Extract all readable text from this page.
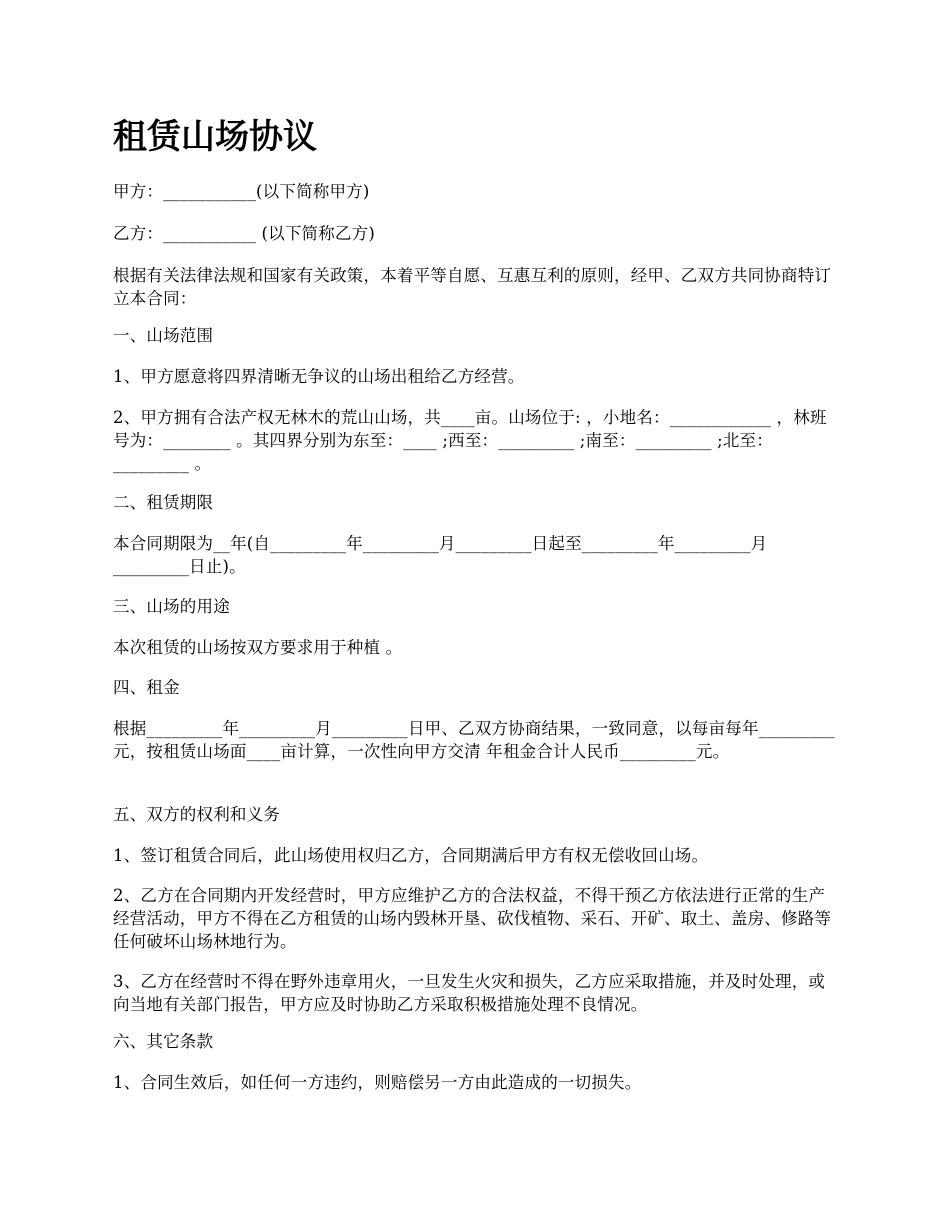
租赁山场协议

甲方：___________(以下简称甲方)

乙方：___________ (以下简称乙方)

根据有关法律法规和国家有关政策，本着平等自愿、互惠互利的原则，经甲、乙双方共同协商特订立本合同：

一、山场范围

1、甲方愿意将四界清晰无争议的山场出租给乙方经营。

2、甲方拥有合法产权无林木的荒山山场，共____亩。山场位于: ，小地名：____________ ，林班号为：________ 。其四界分别为东至：____ ;西至：_________ ;南至：_________ ;北至：_________ 。

二、租赁期限

本合同期限为__年(自_________年_________月_________日起至_________年_________月_________日止)。

三、山场的用途

本次租赁的山场按双方要求用于种植 。

四、租金

根据_________年_________月_________日甲、乙双方协商结果，一致同意，以每亩每年_________元，按租赁山场面____亩计算，一次性向甲方交清 年租金合计人民币_________元。

五、双方的权利和义务

1、签订租赁合同后，此山场使用权归乙方，合同期满后甲方有权无偿收回山场。

2、乙方在合同期内开发经营时，甲方应维护乙方的合法权益，不得干预乙方依法进行正常的生产经营活动，甲方不得在乙方租赁的山场内毁林开垦、砍伐植物、采石、开矿、取土、盖房、修路等任何破坏山场林地行为。

3、乙方在经营时不得在野外违章用火，一旦发生火灾和损失，乙方应采取措施，并及时处理，或向当地有关部门报告，甲方应及时协助乙方采取积极措施处理不良情况。

六、其它条款

1、合同生效后，如任何一方违约，则赔偿另一方由此造成的一切损失。
